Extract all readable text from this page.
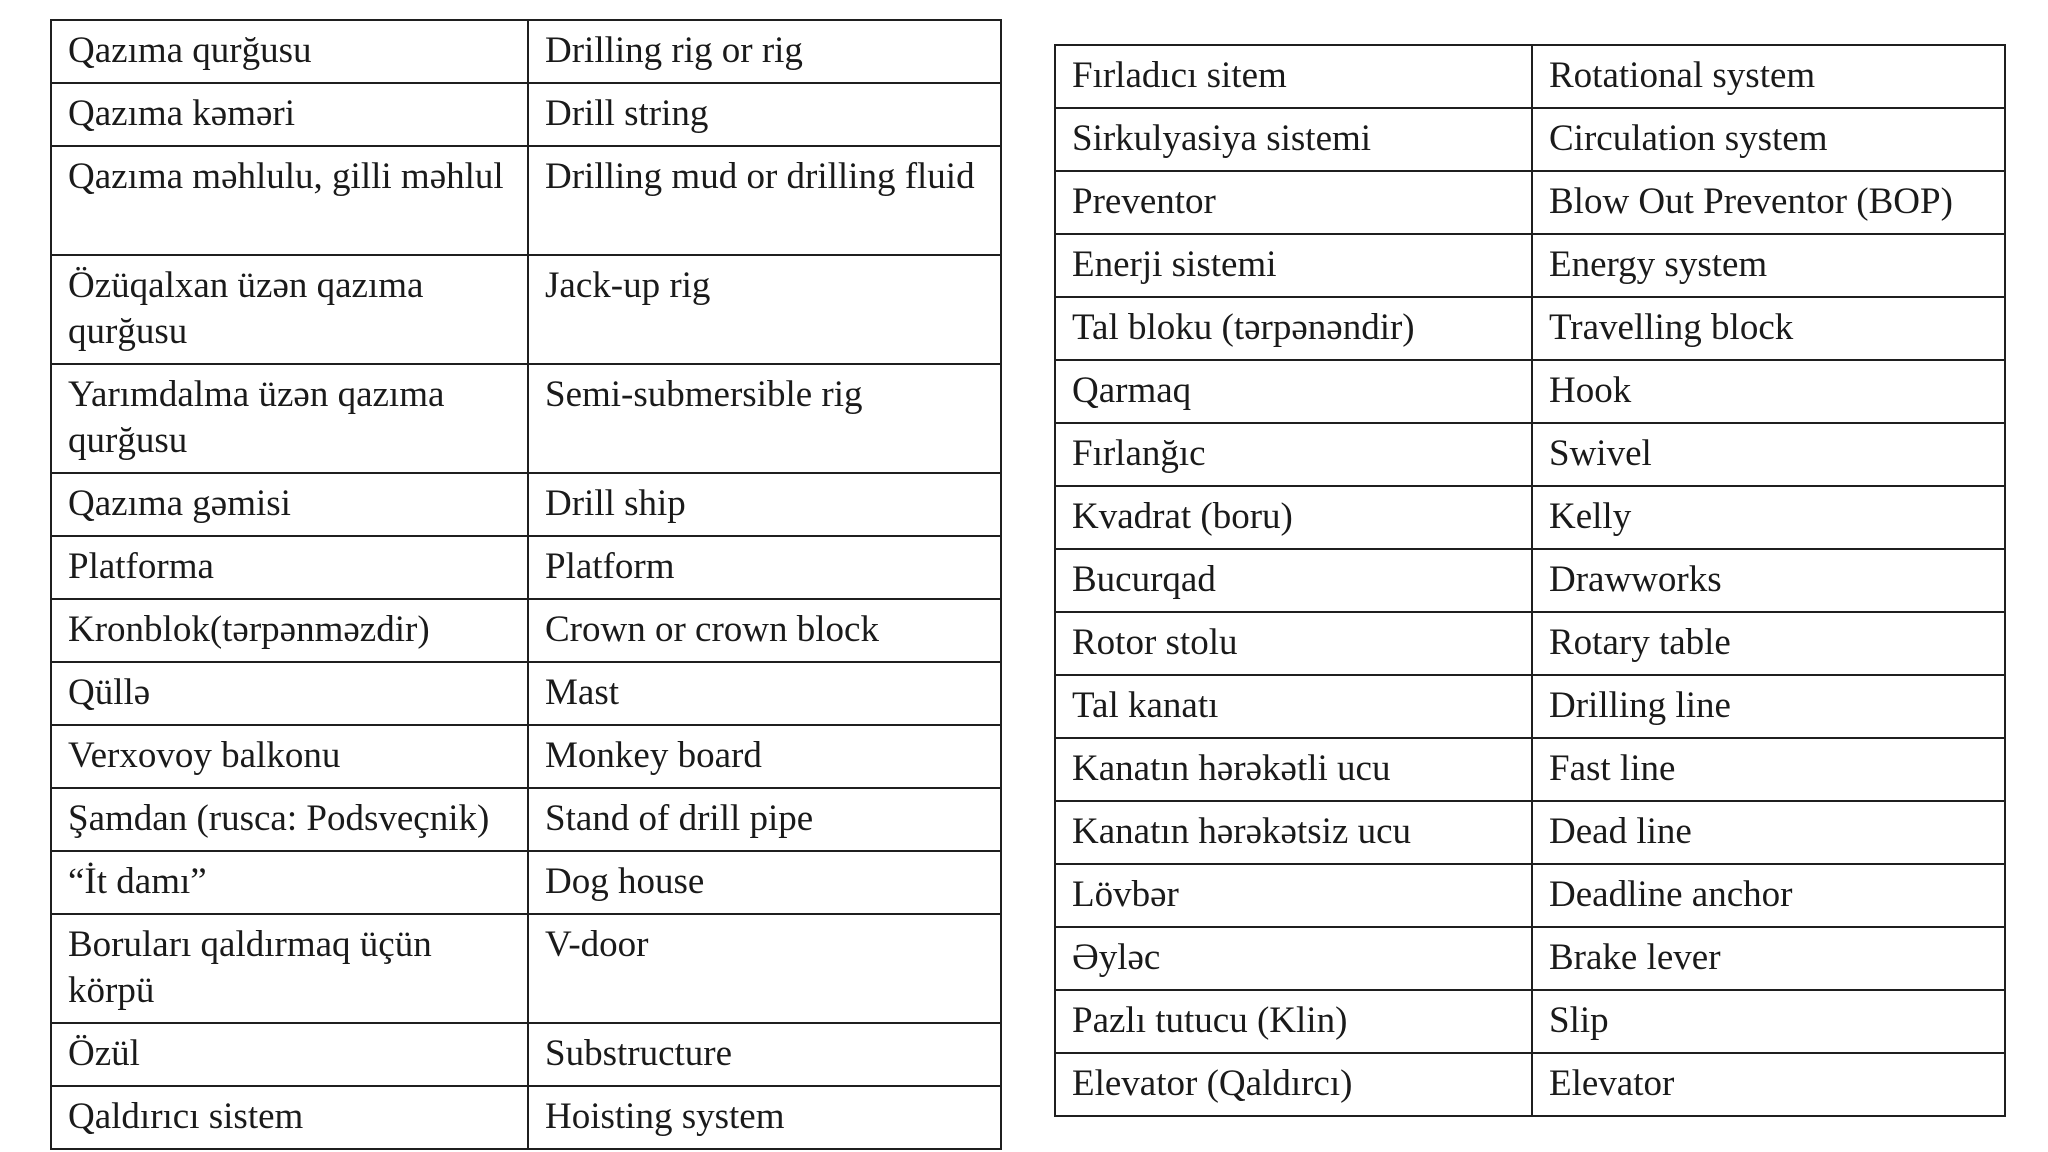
Qazıma qurğusu	Drilling rig or rig
Qazıma kəməri	Drill string
Qazıma məhlulu, gilli məhlul	Drilling mud or drilling fluid
Özüqalxan üzən qazıma qurğusu	Jack-up rig
Yarımdalma üzən qazıma qurğusu	Semi-submersible rig
Qazıma gəmisi	Drill ship
Platforma	Platform
Kronblok(tərpənməzdir)	Crown or crown block
Qüllə	Mast
Verxovoy balkonu	Monkey board
Şamdan (rusca: Podsveçnik)	Stand of drill pipe
“İt damı”	Dog house
Boruları qaldırmaq üçün körpü	V-door
Özül	Substructure
Qaldırıcı sistem	Hoisting system
Fırladıcı sitem	Rotational system
Sirkulyasiya sistemi	Circulation system
Preventor	Blow Out Preventor (BOP)
Enerji sistemi	Energy system
Tal bloku (tərpənəndir)	Travelling block
Qarmaq	Hook
Fırlanğıc	Swivel
Kvadrat (boru)	Kelly
Bucurqad	Drawworks
Rotor stolu	Rotary table
Tal kanatı	Drilling line
Kanatın hərəkətli ucu	Fast line
Kanatın hərəkətsiz ucu	Dead line
Lövbər	Deadline anchor
Əyləc	Brake lever
Pazlı tutucu (Klin)	Slip
Elevator (Qaldırcı)	Elevator
